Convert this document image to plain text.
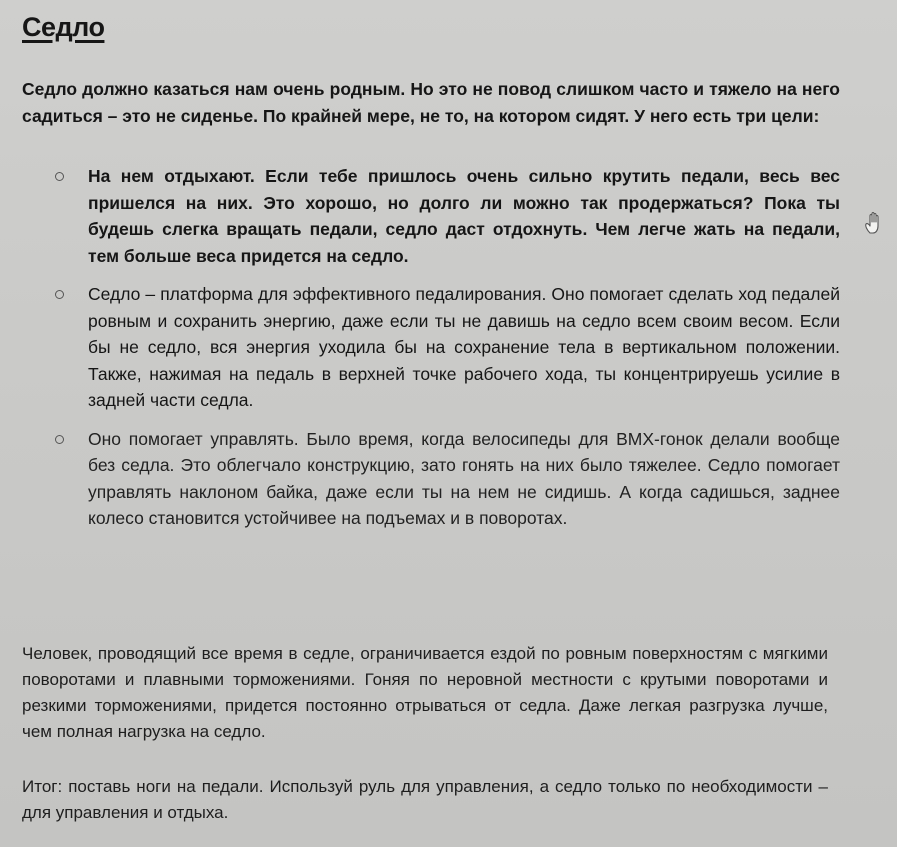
Седло

Седло должно казаться нам очень родным. Но это не повод слишком часто и тяжело на него садиться – это не сиденье. По крайней мере, не то, на котором сидят. У него есть три цели:

На нем отдыхают. Если тебе пришлось очень сильно крутить педали, весь вес пришелся на них. Это хорошо, но долго ли можно так продержаться? Пока ты будешь слегка вращать педали, седло даст отдохнуть. Чем легче жать на педали, тем больше веса придется на седло.
Седло – платформа для эффективного педалирования. Оно помогает сделать ход педалей ровным и сохранить энергию, даже если ты не давишь на седло всем своим весом. Если бы не седло, вся энергия уходила бы на сохранение тела в вертикальном положении. Также, нажимая на педаль в верхней точке рабочего хода, ты концентрируешь усилие в задней части седла.
Оно помогает управлять. Было время, когда велосипеды для BMX-гонок делали вообще без седла. Это облегчало конструкцию, зато гонять на них было тяжелее. Седло помогает управлять наклоном байка, даже если ты на нем не сидишь. А когда садишься, заднее колесо становится устойчивее на подъемах и в поворотах.

Человек, проводящий все время в седле, ограничивается ездой по ровным поверхностям с мягкими поворотами и плавными торможениями. Гоняя по неровной местности с крутыми поворотами и резкими торможениями, придется постоянно отрываться от седла. Даже легкая разгрузка лучше, чем полная нагрузка на седло.

Итог: поставь ноги на педали. Используй руль для управления, а седло только по необходимости – для управления и отдыха.
